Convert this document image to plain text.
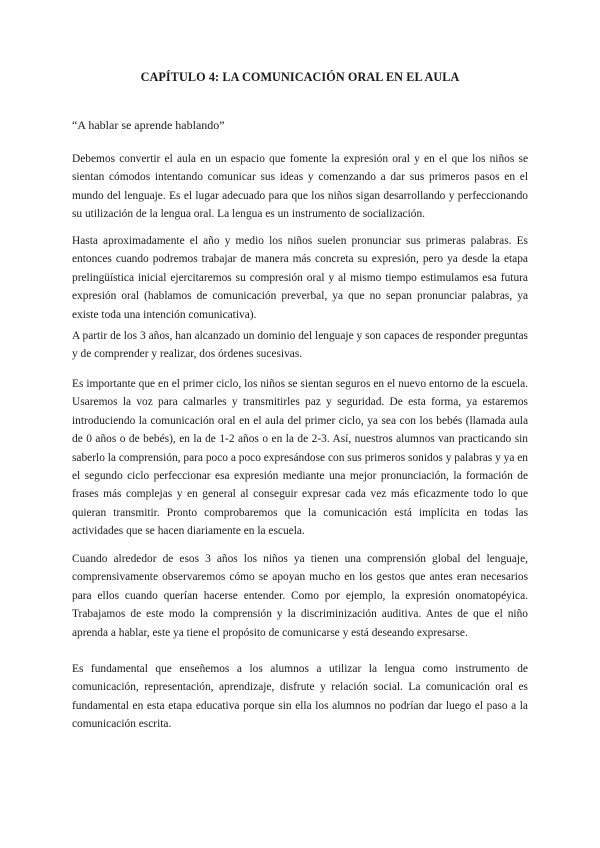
CAPÍTULO 4: LA COMUNICACIÓN ORAL EN EL AULA

“A hablar se aprende hablando”

Debemos convertir el aula en un espacio que fomente la expresión oral y en el que los niños se sientan cómodos intentando comunicar sus ideas y comenzando a dar sus primeros pasos en el mundo del lenguaje. Es el lugar adecuado para que los niños sigan desarrollando y perfeccionando su utilización de la lengua oral. La lengua es un instrumento de socialización.

Hasta aproximadamente el año y medio los niños suelen pronunciar sus primeras palabras. Es entonces cuando podremos trabajar de manera más concreta su expresión, pero ya desde la etapa prelingüística inicial ejercitaremos su compresión oral y al mismo tiempo estimulamos esa futura expresión oral (hablamos de comunicación preverbal, ya que no sepan pronunciar palabras, ya existe toda una intención comunicativa).

A partir de los 3 años, han alcanzado un dominio del lenguaje y son capaces de responder preguntas y de comprender y realizar, dos órdenes sucesivas.

Es importante que en el primer ciclo, los niños se sientan seguros en el nuevo entorno de la escuela. Usaremos la voz para calmarles y transmitirles paz y seguridad. De esta forma, ya estaremos introduciendo la comunicación oral en el aula del primer ciclo, ya sea con los bebés (llamada aula de 0 años o de bebés), en la de 1-2 años o en la de 2-3. Así, nuestros alumnos van practicando sin saberlo la comprensión, para poco a poco expresándose con sus primeros sonidos y palabras y ya en el segundo ciclo perfeccionar esa expresión mediante una mejor pronunciación, la formación de frases más complejas y en general al conseguir expresar cada vez más eficazmente todo lo que quieran transmitir. Pronto comprobaremos que la comunicación está implícita en todas las actividades que se hacen diariamente en la escuela.

Cuando alrededor de esos 3 años los niños ya tienen una comprensión global del lenguaje, comprensivamente observaremos cómo se apoyan mucho en los gestos que antes eran necesarios para ellos cuando querían hacerse entender. Como por ejemplo, la expresión onomatopéyica. Trabajamos de este modo la comprensión y la discriminización auditiva. Antes de que el niño aprenda a hablar, este ya tiene el propósito de comunicarse y está deseando expresarse.

Es fundamental que enseñemos a los alumnos a utilizar la lengua como instrumento de comunicación, representación, aprendizaje, disfrute y relación social. La comunicación oral es fundamental en esta etapa educativa porque sin ella los alumnos no podrían dar luego el paso a la comunicación escrita.
